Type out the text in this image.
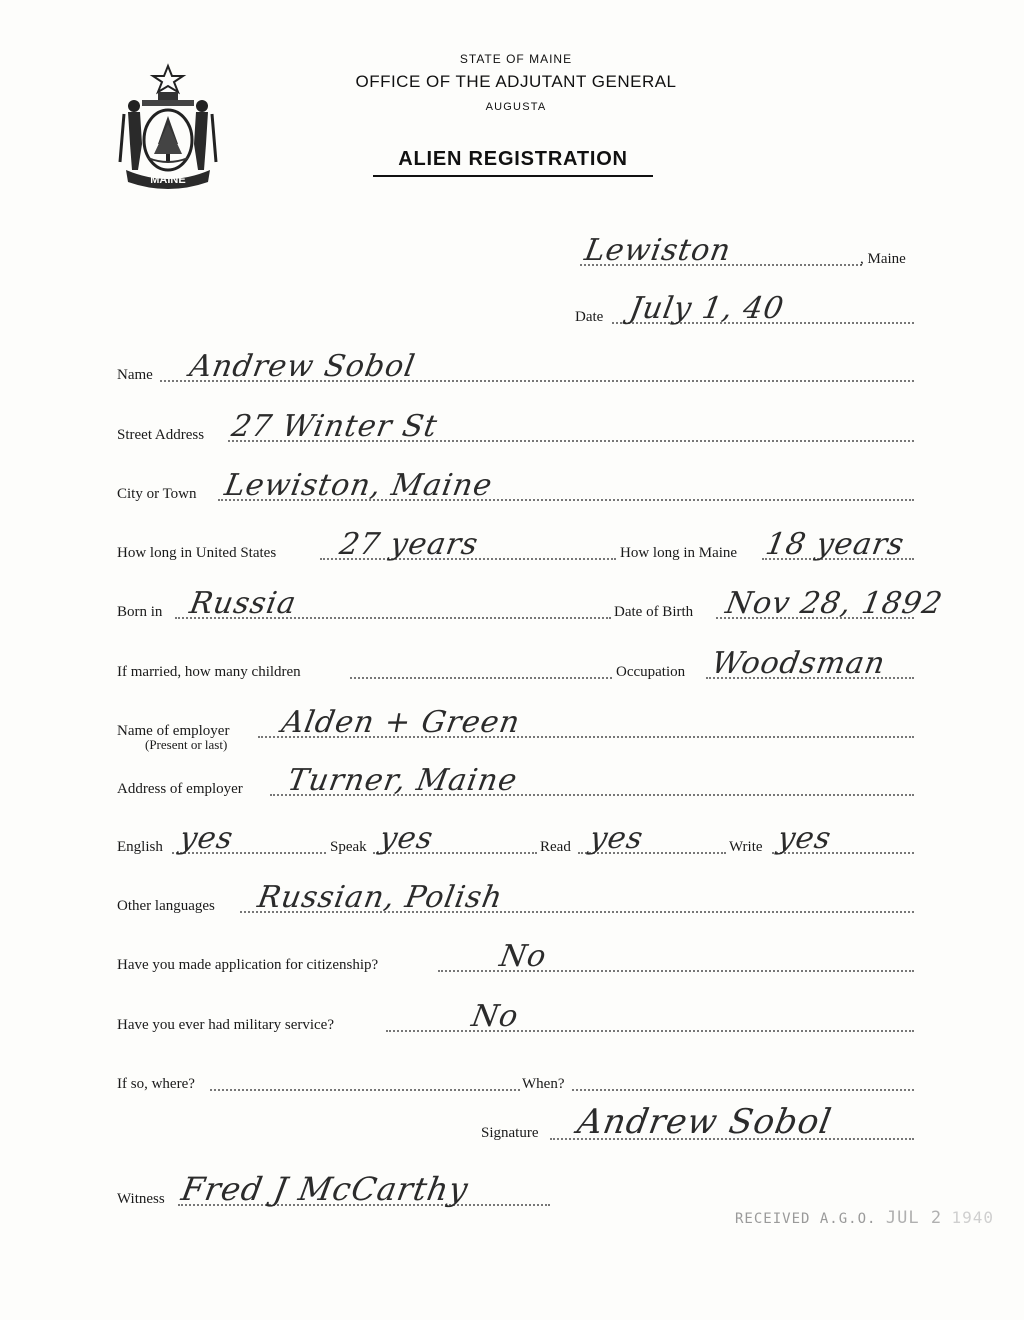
MAINE
STATE OF MAINE
OFFICE OF THE ADJUTANT GENERAL
AUGUSTA
ALIEN REGISTRATION
Lewiston	, Maine
Date July 1, 40
Name Andrew Sobol
Street Address 27 Winter St
City or Town Lewiston, Maine
How long in United States 27 years	How long in Maine 18 years
Born in Russia	Date of Birth Nov 28, 1892
If married, how many children	Occupation Woodsman
Name of employer Alden + Green
(Present or last)
Address of employer Turner, Maine
English yes	Speak yes	Read yes	Write yes
Other languages Russian, Polish
Have you made application for citizenship?	No
Have you ever had military service?	No
If so, where?	When?
Signature Andrew Sobol
Witness Fred J McCarthy
RECEIVED A.G.O. JUL 2 1940
